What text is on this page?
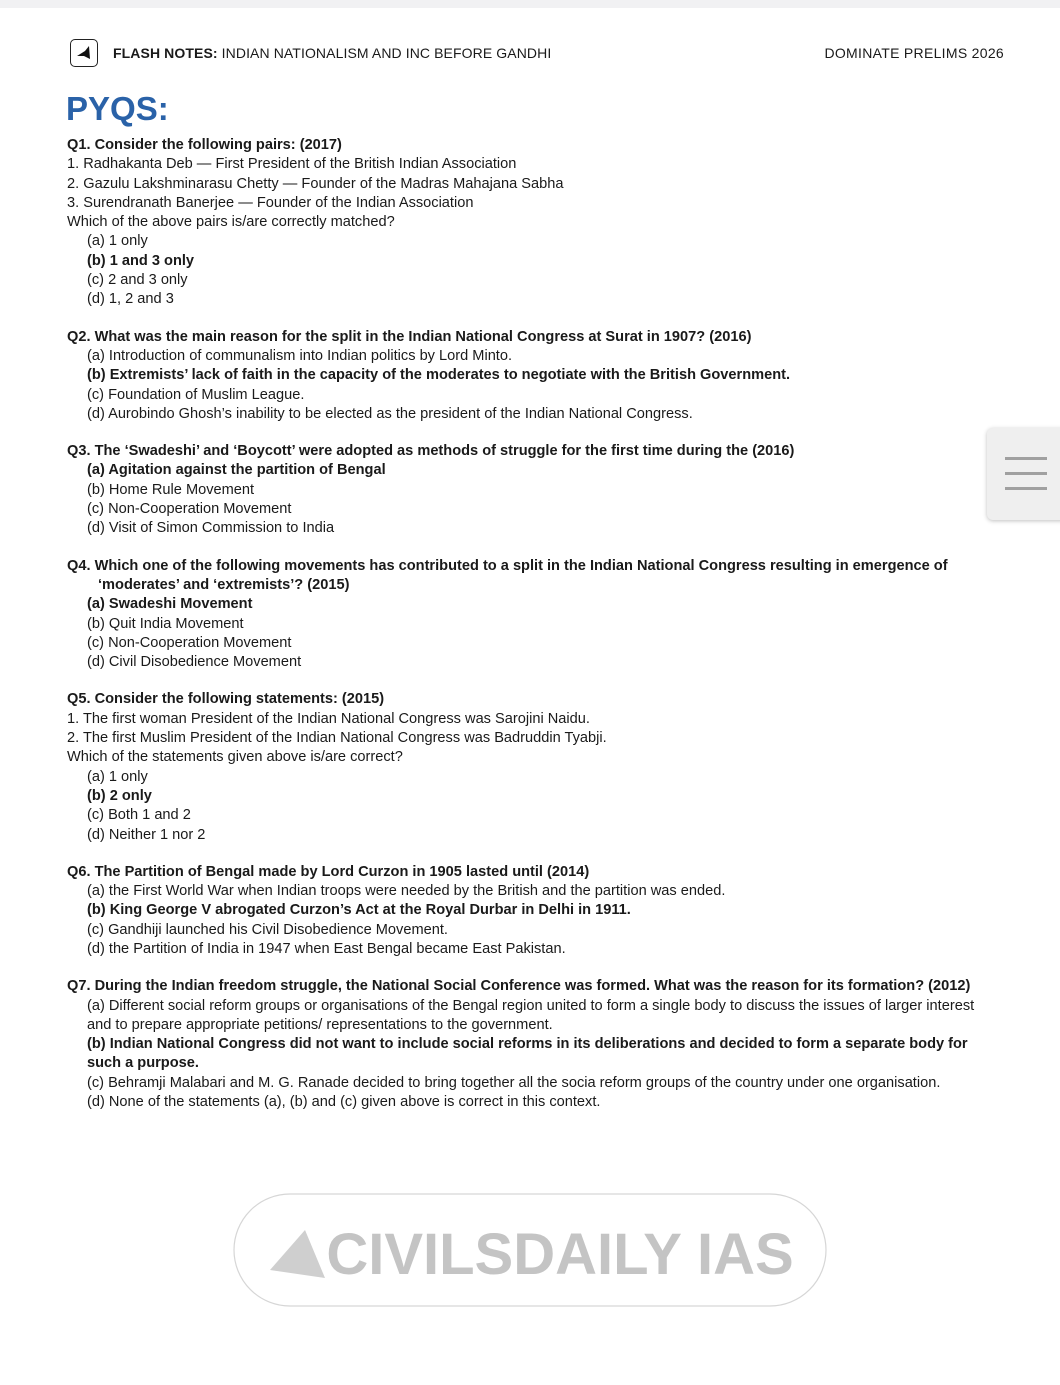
FLASH NOTES: INDIAN NATIONALISM AND INC BEFORE GANDHI	DOMINATE PRELIMS 2026
PYQS:
Q1. Consider the following pairs: (2017)
1. Radhakanta Deb — First President of the British Indian Association
2. Gazulu Lakshminarasu Chetty — Founder of the Madras Mahajana Sabha
3. Surendranath Banerjee — Founder of the Indian Association
Which of the above pairs is/are correctly matched?
(a) 1 only
(b) 1 and 3 only
(c) 2 and 3 only
(d) 1, 2 and 3
Q2. What was the main reason for the split in the Indian National Congress at Surat in 1907? (2016)
(a) Introduction of communalism into Indian politics by Lord Minto.
(b) Extremists’ lack of faith in the capacity of the moderates to negotiate with the British Government.
(c) Foundation of Muslim League.
(d) Aurobindo Ghosh’s inability to be elected as the president of the Indian National Congress.
Q3. The ‘Swadeshi’ and ‘Boycott’ were adopted as methods of struggle for the first time during the (2016)
(a) Agitation against the partition of Bengal
(b) Home Rule Movement
(c) Non-Cooperation Movement
(d) Visit of Simon Commission to India
Q4. Which one of the following movements has contributed to a split in the Indian National Congress resulting in emergence of ‘moderates’ and ‘extremists’? (2015)
(a) Swadeshi Movement
(b) Quit India Movement
(c) Non-Cooperation Movement
(d) Civil Disobedience Movement
Q5. Consider the following statements: (2015)
1. The first woman President of the Indian National Congress was Sarojini Naidu.
2. The first Muslim President of the Indian National Congress was Badruddin Tyabji.
Which of the statements given above is/are correct?
(a) 1 only
(b) 2 only
(c) Both 1 and 2
(d) Neither 1 nor 2
Q6. The Partition of Bengal made by Lord Curzon in 1905 lasted until (2014)
(a) the First World War when Indian troops were needed by the British and the partition was ended.
(b) King George V abrogated Curzon’s Act at the Royal Durbar in Delhi in 1911.
(c) Gandhiji launched his Civil Disobedience Movement.
(d) the Partition of India in 1947 when East Bengal became East Pakistan.
Q7. During the Indian freedom struggle, the National Social Conference was formed. What was the reason for its formation? (2012)
(a) Different social reform groups or organisations of the Bengal region united to form a single body to discuss the issues of larger interest and to prepare appropriate petitions/ representations to the government.
(b) Indian National Congress did not want to include social reforms in its deliberations and decided to form a separate body for such a purpose.
(c) Behramji Malabari and M. G. Ranade decided to bring together all the socia reform groups of the country under one organisation.
(d) None of the statements (a), (b) and (c) given above is correct in this context.
CIVILSDAILY IAS
